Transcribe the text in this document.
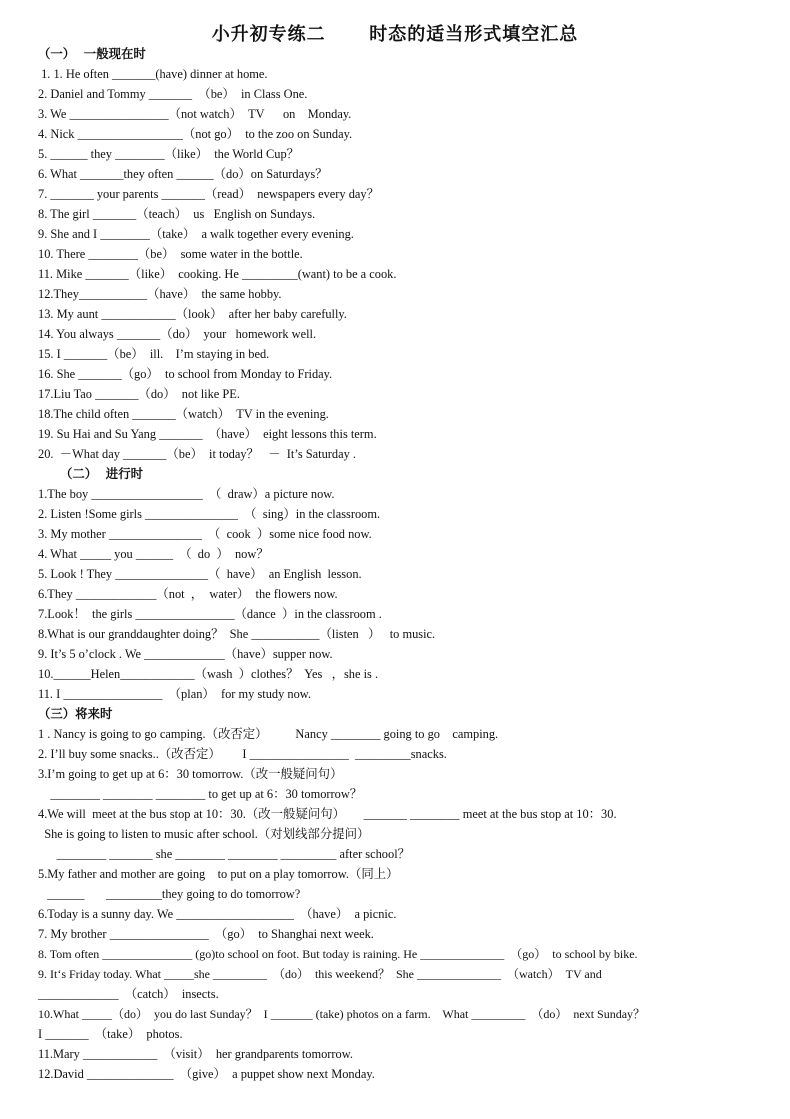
小升初专练二      时态的适当形式填空汇总
（一）  一般现在时
1. 1. He often _______(have) dinner at home.
2. Daniel and Tommy _______  （be）  in Class One.
3. We ________________（not watch）  TV      on    Monday.
4. Nick _________________（not go）  to the zoo on Sunday.
5. ______ they ________（like）  the World Cup？
6. What _______they often ______（do）on Saturdays？
7. _______ your parents _______（read）  newspapers every day？
8. The girl _______（teach）  us   English on Sundays.
9. She and I ________（take）  a walk together every evening.
10. There ________（be）  some water in the bottle.
11. Mike _______（like）  cooking. He _________(want) to be a cook.
12.They___________（have）  the same hobby.
13. My aunt ____________（look）  after her baby carefully.
14. You always _______（do）  your   homework well.
15. I _______（be）  ill.    I’m staying in bed.
16. She _______（go）  to school from Monday to Friday.
17.Liu Tao _______（do）  not like PE.
18.The child often _______（watch）  TV in the evening.
19. Su Hai and Su Yang _______  （have）  eight lessons this term.
20.  －What day _______（be）  it today？   －  It’s Saturday .
（二）  进行时
1.The boy __________________  （  draw）a picture now.
2. Listen !Some girls _______________  （  sing）in the classroom.
3. My mother _______________  （  cook  ）some nice food now.
4. What _____ you ______  （  do  ）  now？
5. Look ! They _______________（  have）  an English  lesson.
6.They _____________（not  ，  water）  the flowers now.
7.Look！  the girls ________________（dance  ）in the classroom .
8.What is our granddaughter doing？  She ___________（listen   ）   to music.
9. It’s 5 o’clock . We _____________（have）supper now.
10.______Helen____________（wash  ）clothes？  Yes   ，she is .
11. I ________________  （plan）  for my study now.
（三）将来时
1 . Nancy is going to go camping.（改否定）         Nancy ________ going to go    camping.
2. I’ll buy some snacks..（改否定）       I ________________  _________snacks.
3.I’m going to get up at 6：30 tomorrow.（改一般疑问句）
________ ________ ________ to get up at 6：30 tomorrow？
4.We will  meet at the bus stop at 10：30.（改一般疑问句）      _______ ________ meet at the bus stop at 10：30.
She is going to listen to music after school.（对划线部分提问）
________ _______ she ________ ________ _________ after school？
5.My father and mother are going    to put on a play tomorrow.（同上）
______       _________they going to do tomorrow?
6.Today is a sunny day. We ___________________  （have）  a picnic.
7. My brother ________________  （go）  to Shanghai next week.
8. Tom often _______________ (go)to school on foot. But today is raining. He ______________  （go）  to school by bike.
9. It‘s Friday today. What _____she _________  （do）  this weekend？  She ______________  （watch）  TV and
_____________  （catch）  insects.
10.What _____（do）  you do last Sunday？  I _______ (take) photos on a farm.    What _________  （do）  next Sunday？
I _______  （take）  photos.
11.Mary ____________  （visit）  her grandparents tomorrow.
12.David ______________  （give）  a puppet show next Monday.
